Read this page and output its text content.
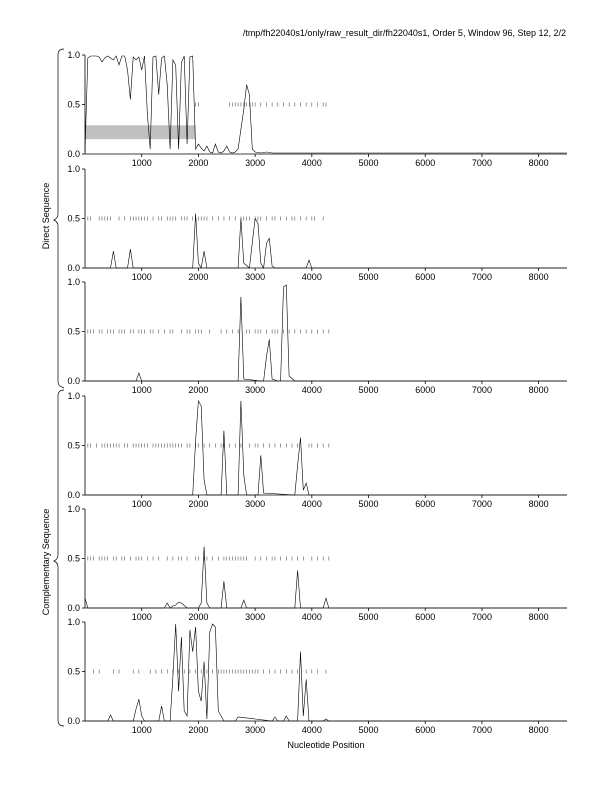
/tmp/fh22040s1/only/raw_result_dir/fh22040s1, Order 5, Window 96, Step 12, 2/2
Direct Sequence
Complementary Sequence
0.0
0.5
1.0
1000	2000	3000	4000	5000	6000	7000	8000
0.0
0.5
1.0
1000	2000	3000	4000	5000	6000	7000	8000
0.0
0.5
1.0
1000	2000	3000	4000	5000	6000	7000	8000
0.0
0.5
1.0
1000	2000	3000	4000	5000	6000	7000	8000
0.0
0.5
1.0
1000	2000	3000	4000	5000	6000	7000	8000
0.0
0.5
1.0
1000	2000	3000	4000	5000	6000	7000	8000
Nucleotide Position
